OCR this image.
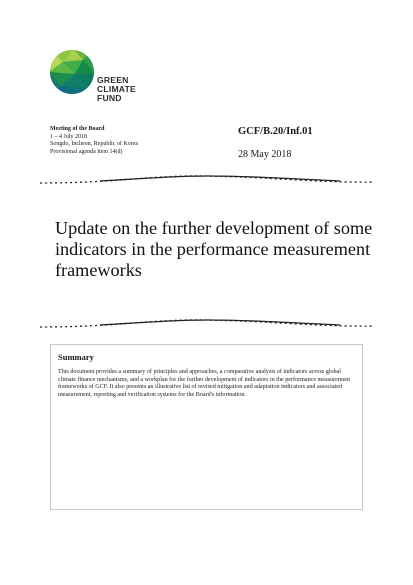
GREEN
CLIMATE
FUND
Meeting of the Board
1 – 4 July 2018
Songdo, Incheon, Republic of Korea
Provisional agenda item 14(d)
GCF/B.20/Inf.01
28 May 2018
Update on the further development of some indicators in the performance measurement frameworks

Summary

This document provides a summary of principles and approaches, a comparative analysis of indicators across global climate finance mechanisms, and a workplan for the further development of indicators in the performance measurement frameworks of GCF. It also presents an illustrative list of revised mitigation and adaptation indicators and associated measurement, reporting and verification systems for the Board's information.
